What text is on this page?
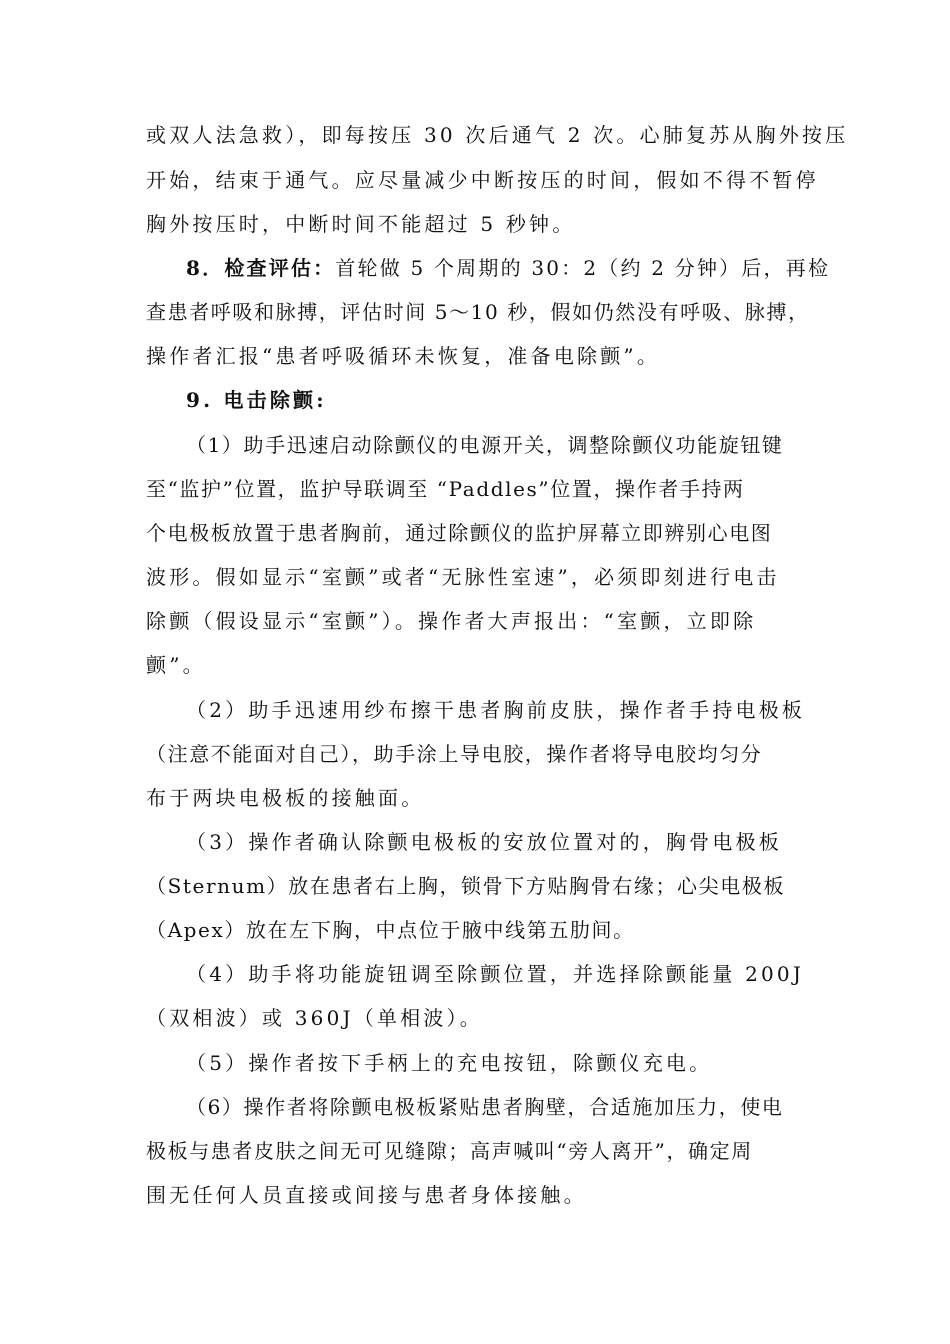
或双人法急救），即每按压 30 次后通气 2 次。心肺复苏从胸外按压
开始，结束于通气。应尽量减少中断按压的时间，假如不得不暂停
胸外按压时，中断时间不能超过 5 秒钟。
8．检查评估：首轮做 5 个周期的 30：2（约 2 分钟）后，再检
查患者呼吸和脉搏，评估时间 5～10 秒，假如仍然没有呼吸、脉搏，
操作者汇报“患者呼吸循环未恢复，准备电除颤”。
9. 电击除颤:
（1）助手迅速启动除颤仪的电源开关，调整除颤仪功能旋钮键
至“监护”位置，监护导联调至 “Paddles”位置，操作者手持两
个电极板放置于患者胸前，通过除颤仪的监护屏幕立即辨别心电图
波形。假如显示“室颤”或者“无脉性室速”，必须即刻进行电击
除颤（假设显示“室颤”）。操作者大声报出：“室颤，立即除
颤”。
（2）助手迅速用纱布擦干患者胸前皮肤，操作者手持电极板
（注意不能面对自己），助手涂上导电胶，操作者将导电胶均匀分
布于两块电极板的接触面。
（3）操作者确认除颤电极板的安放位置对的，胸骨电极板
（Sternum）放在患者右上胸，锁骨下方贴胸骨右缘；心尖电极板
（Apex）放在左下胸，中点位于腋中线第五肋间。
（4）助手将功能旋钮调至除颤位置，并选择除颤能量 200J
（双相波）或 360J（单相波）。
（5）操作者按下手柄上的充电按钮，除颤仪充电。
（6）操作者将除颤电极板紧贴患者胸壁，合适施加压力，使电
极板与患者皮肤之间无可见缝隙；高声喊叫“旁人离开”，确定周
围无任何人员直接或间接与患者身体接触。
